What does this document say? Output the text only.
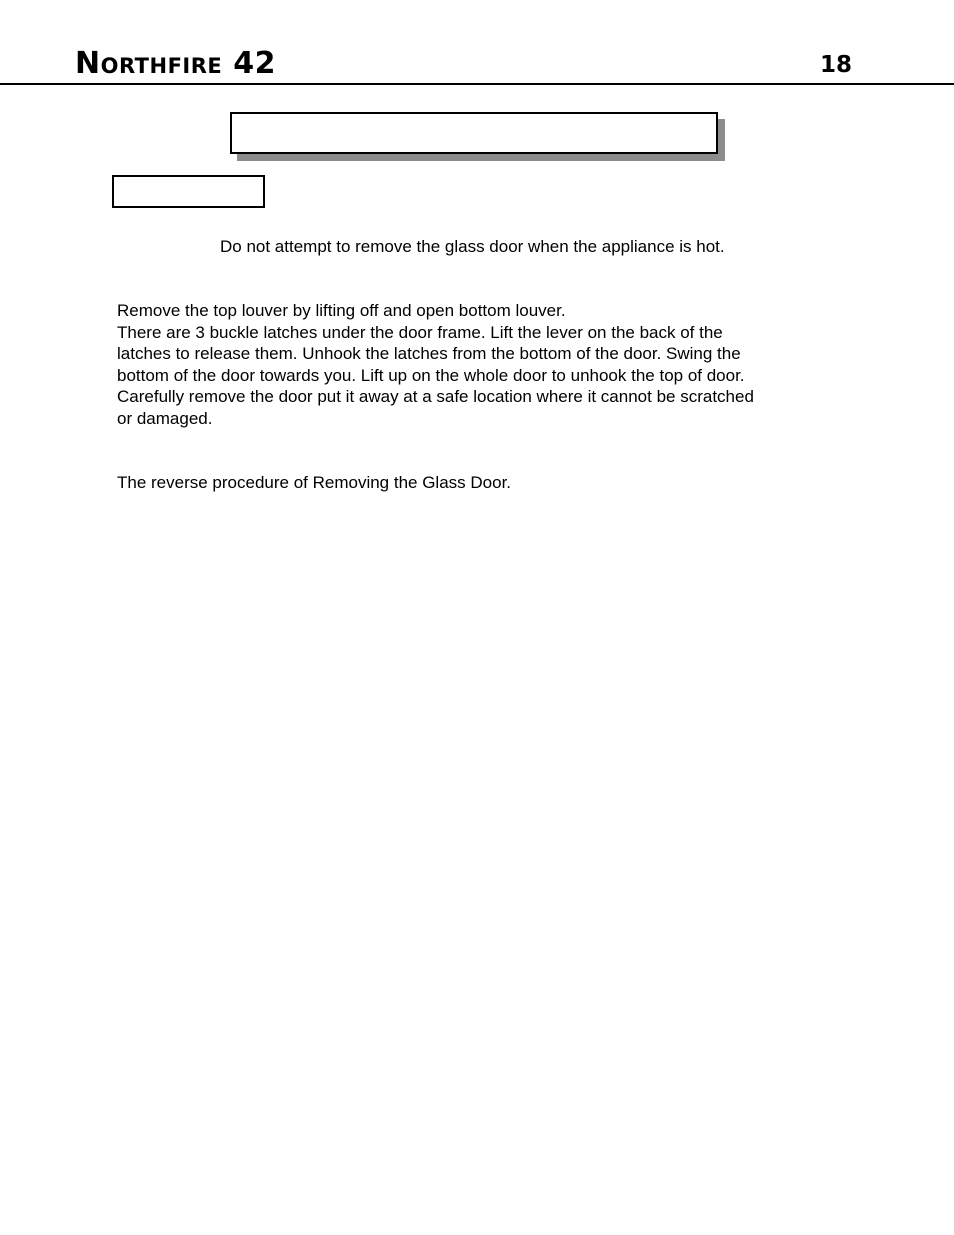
Northfire 42	18
Do not attempt to remove the glass door when the appliance is hot.
Remove the top louver by lifting off and open bottom louver.
There are 3 buckle latches under the door frame. Lift the lever on the back of the
latches to release them. Unhook the latches from the bottom of the door. Swing the
bottom of the door towards you. Lift up on the whole door to unhook the top of door.
Carefully remove the door put it away at a safe location where it cannot be scratched
or damaged.
The reverse procedure of Removing the Glass Door.
